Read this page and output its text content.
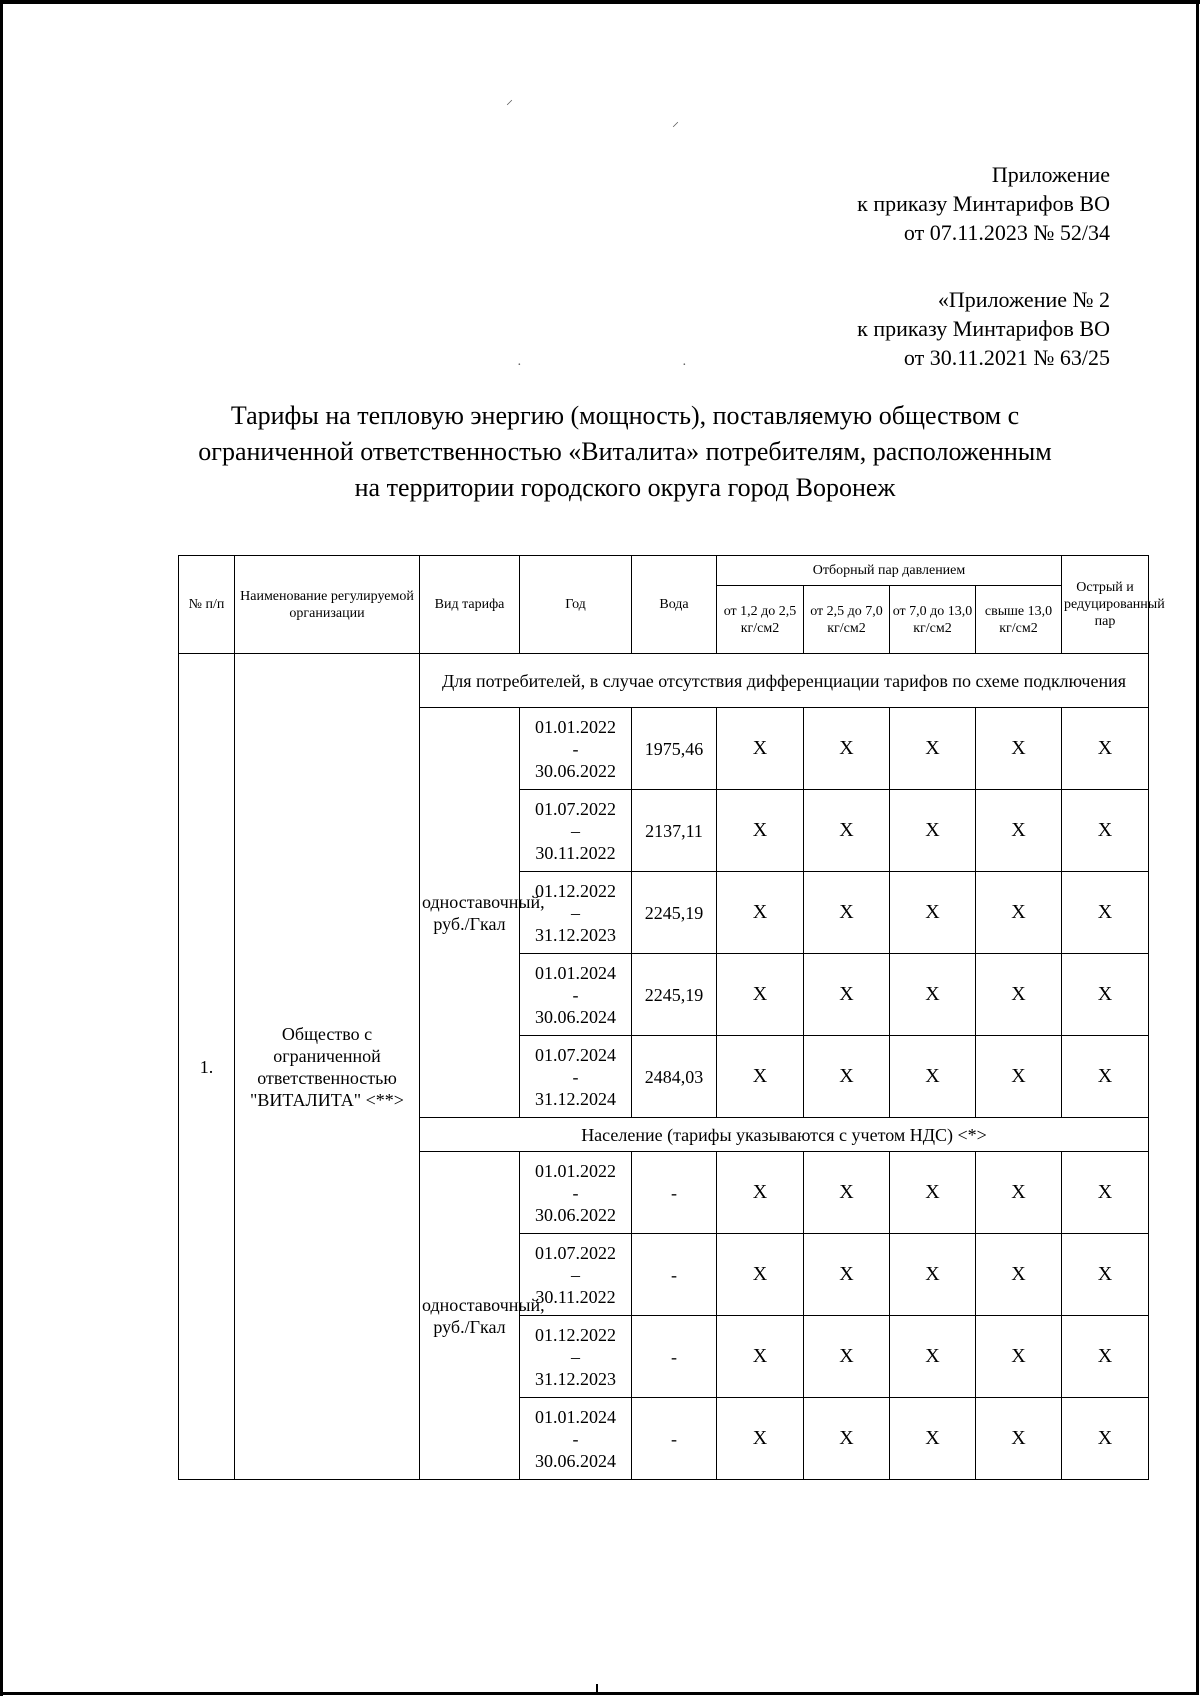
⸝
⸝
·	·
Приложение
к приказу Минтарифов ВО
от 07.11.2023 № 52/34
«Приложение № 2
к приказу Минтарифов ВО
от 30.11.2021 № 63/25
Тарифы на тепловую энергию (мощность), поставляемую обществом с
ограниченной ответственностью «Виталита» потребителям, расположенным
на территории городского округа город Воронеж
№ п/п	Наименование регулируемой организации	Вид тарифа	Год	Вода	Отборный пар давлением				Острый и редуцированный пар
					от 1,2 до 2,5 кг/см2	от 2,5 до 7,0 кг/см2	от 7,0 до 13,0 кг/см2	свыше 13,0 кг/см2	
1.	Общество с ограниченной ответственностью "ВИТАЛИТА" <**>	Для потребителей, в случае отсутствия дифференциации тарифов по схеме подключения							
		одноставочный, руб./Гкал	01.01.2022
-
30.06.2022	1975,46	X	X	X	X	X

			01.07.2022
–
30.11.2022	2137,11	X	X	X	X	X

			01.12.2022
–
31.12.2023	2245,19	X	X	X	X	X

			01.01.2024
-
30.06.2024	2245,19	X	X	X	X	X

			01.07.2024
-
31.12.2024	2484,03	X	X	X	X	X
		Население (тарифы указываются с учетом НДС) <*>							
		одноставочный, руб./Гкал	01.01.2022
-
30.06.2022	-	X	X	X	X	X

			01.07.2022
–
30.11.2022	-	X	X	X	X	X

			01.12.2022
–
31.12.2023	-	X	X	X	X	X

			01.01.2024
-
30.06.2024	-	X	X	X	X	X
